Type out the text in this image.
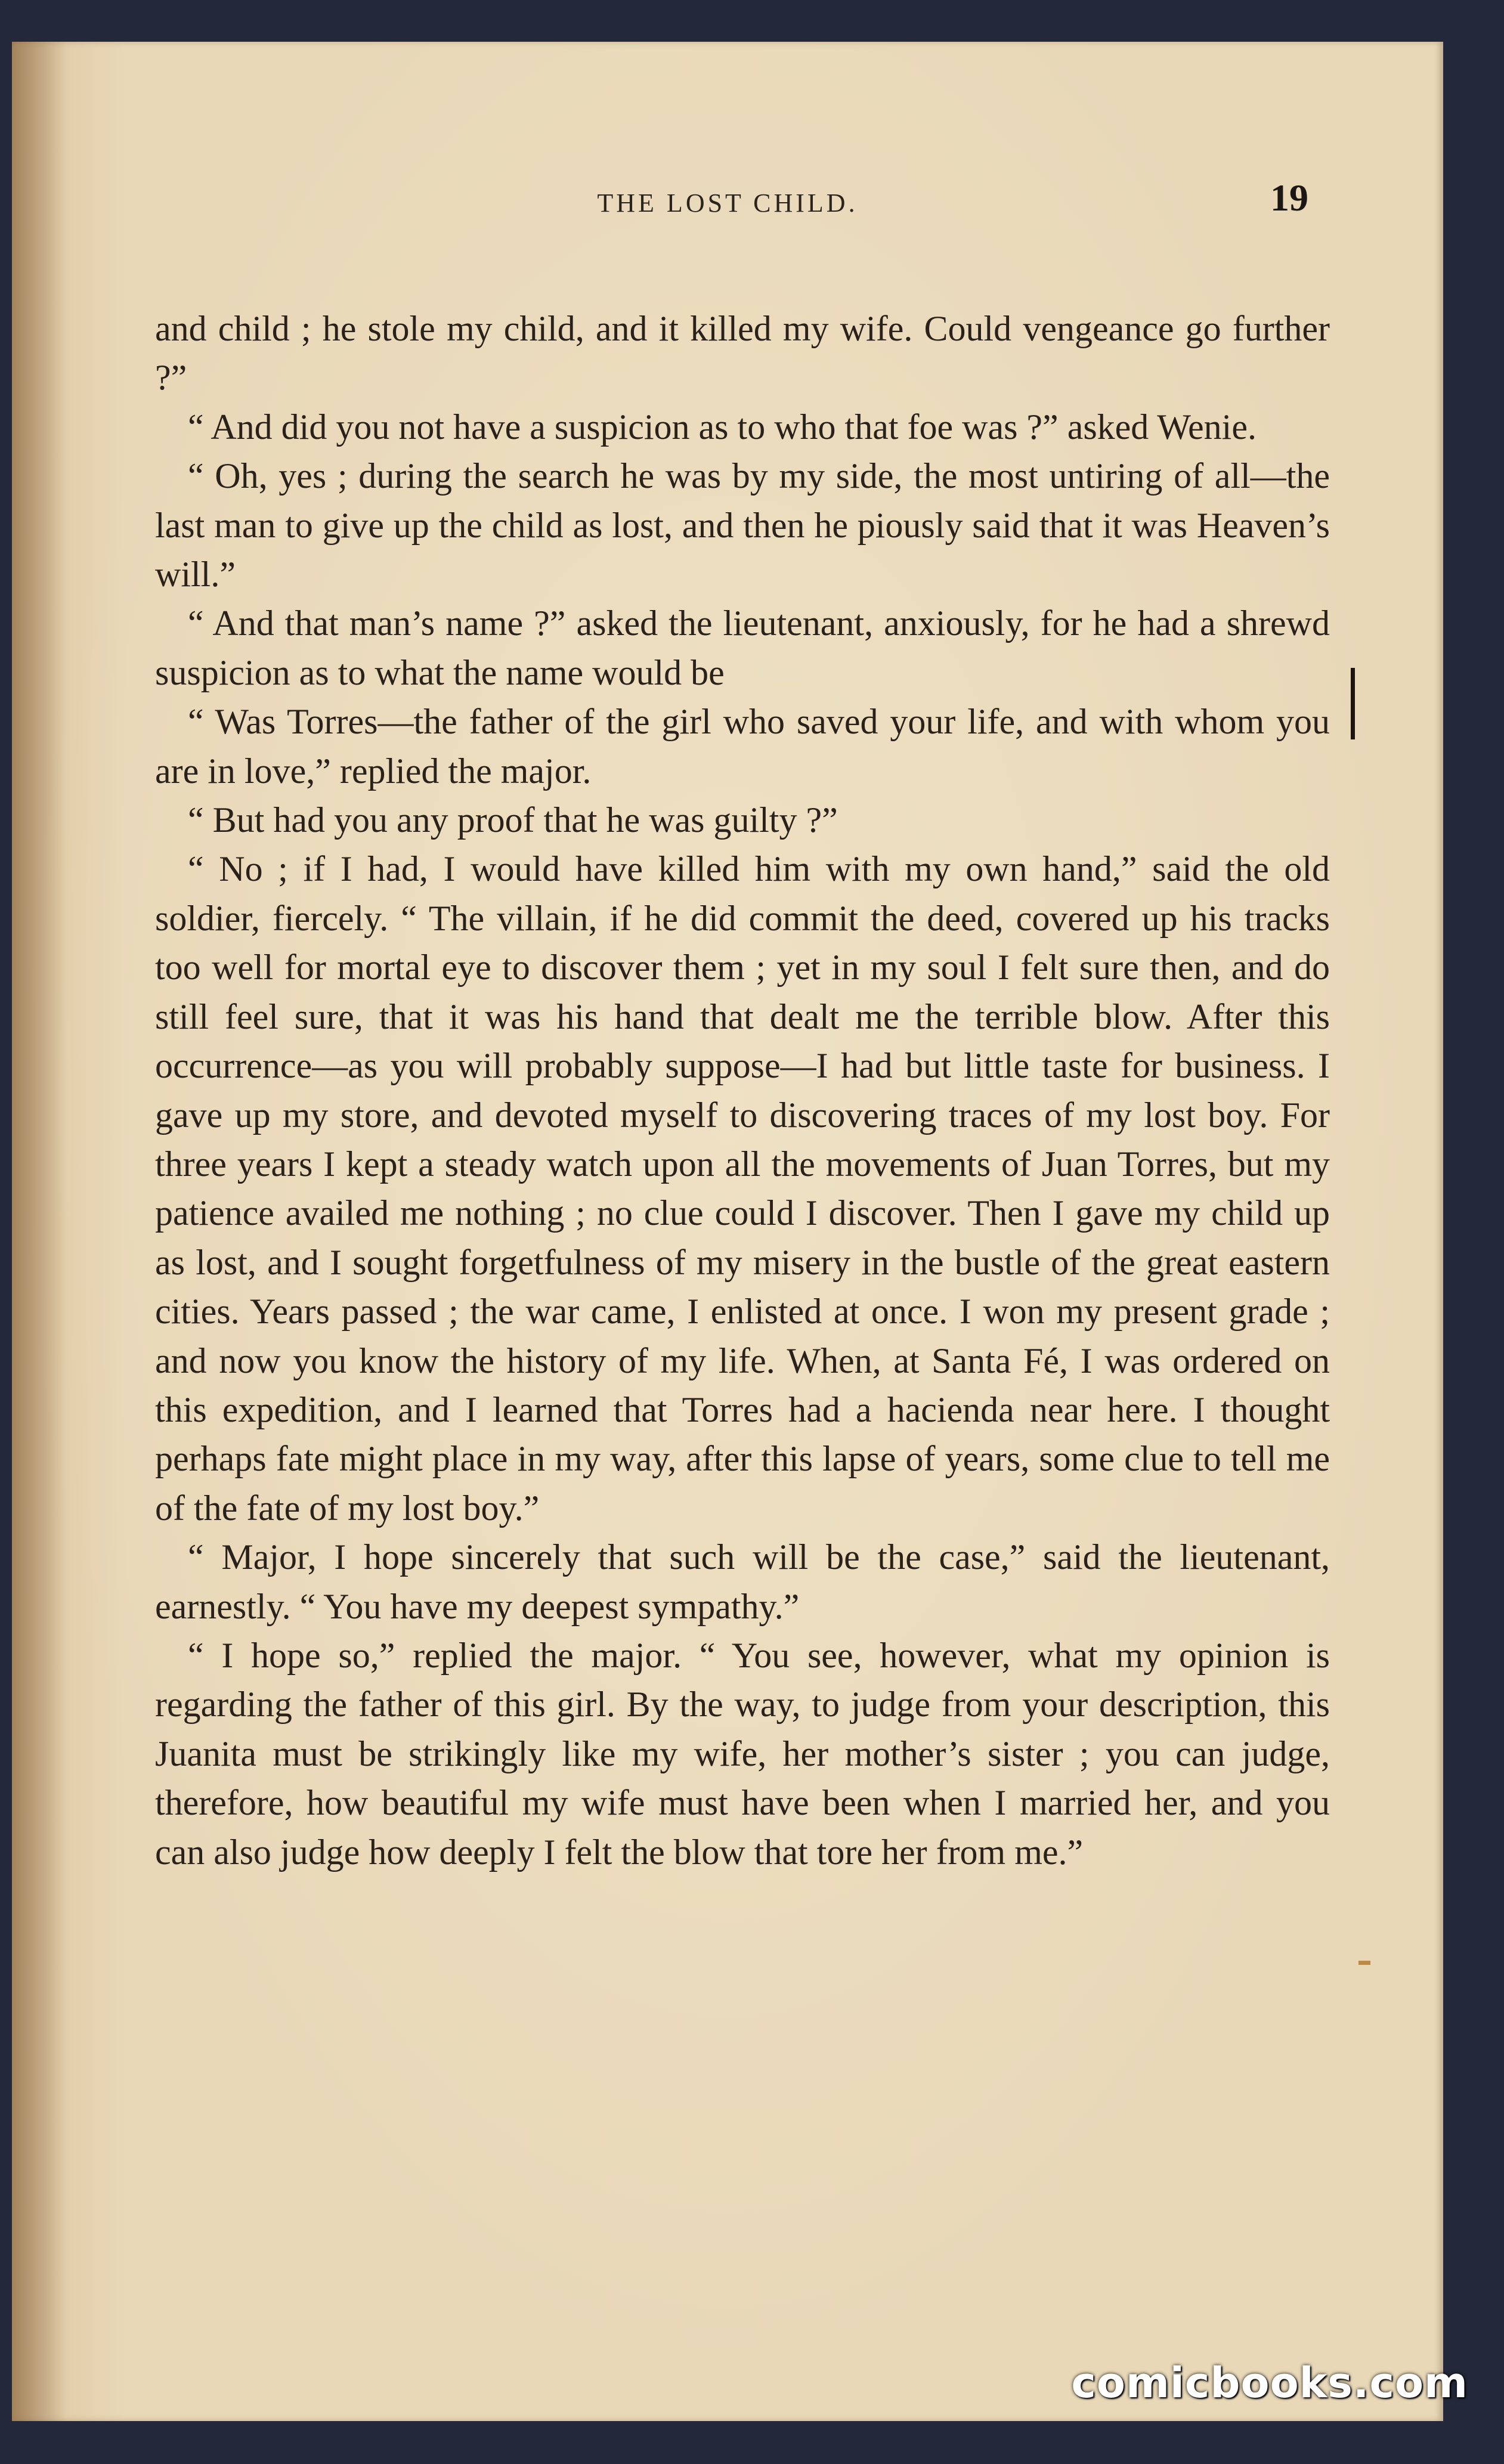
THE LOST CHILD.	19

and child ; he stole my child, and it killed my wife. Could vengeance go further ?”

“ And did you not have a suspicion as to who that foe was ?” asked Wenie.

“ Oh, yes ; during the search he was by my side, the most untiring of all—the last man to give up the child as lost, and then he piously said that it was Heaven’s will.”

“ And that man’s name ?” asked the lieutenant, anxiously, for he had a shrewd suspicion as to what the name would be

“ Was Torres—the father of the girl who saved your life, and with whom you are in love,” replied the major.

“ But had you any proof that he was guilty ?”

“ No ; if I had, I would have killed him with my own hand,” said the old soldier, fiercely. “ The villain, if he did commit the deed, covered up his tracks too well for mortal eye to discover them ; yet in my soul I felt sure then, and do still feel sure, that it was his hand that dealt me the terrible blow. After this occurrence—as you will probably suppose—I had but little taste for business. I gave up my store, and devoted myself to discovering traces of my lost boy. For three years I kept a steady watch upon all the movements of Juan Torres, but my patience availed me nothing ; no clue could I discover. Then I gave my child up as lost, and I sought forgetfulness of my misery in the bustle of the great eastern cities. Years passed ; the war came, I enlisted at once. I won my present grade ; and now you know the history of my life. When, at Santa Fé, I was ordered on this expedition, and I learned that Torres had a hacienda near here. I thought perhaps fate might place in my way, after this lapse of years, some clue to tell me of the fate of my lost boy.”

“ Major, I hope sincerely that such will be the case,” said the lieutenant, earnestly. “ You have my deepest sympathy.”

“ I hope so,” replied the major. “ You see, however, what my opinion is regarding the father of this girl. By the way, to judge from your description, this Juanita must be strikingly like my wife, her mother’s sister ; you can judge, therefore, how beautiful my wife must have been when I married her, and you can also judge how deeply I felt the blow that tore her from me.”

comicbooks.com
